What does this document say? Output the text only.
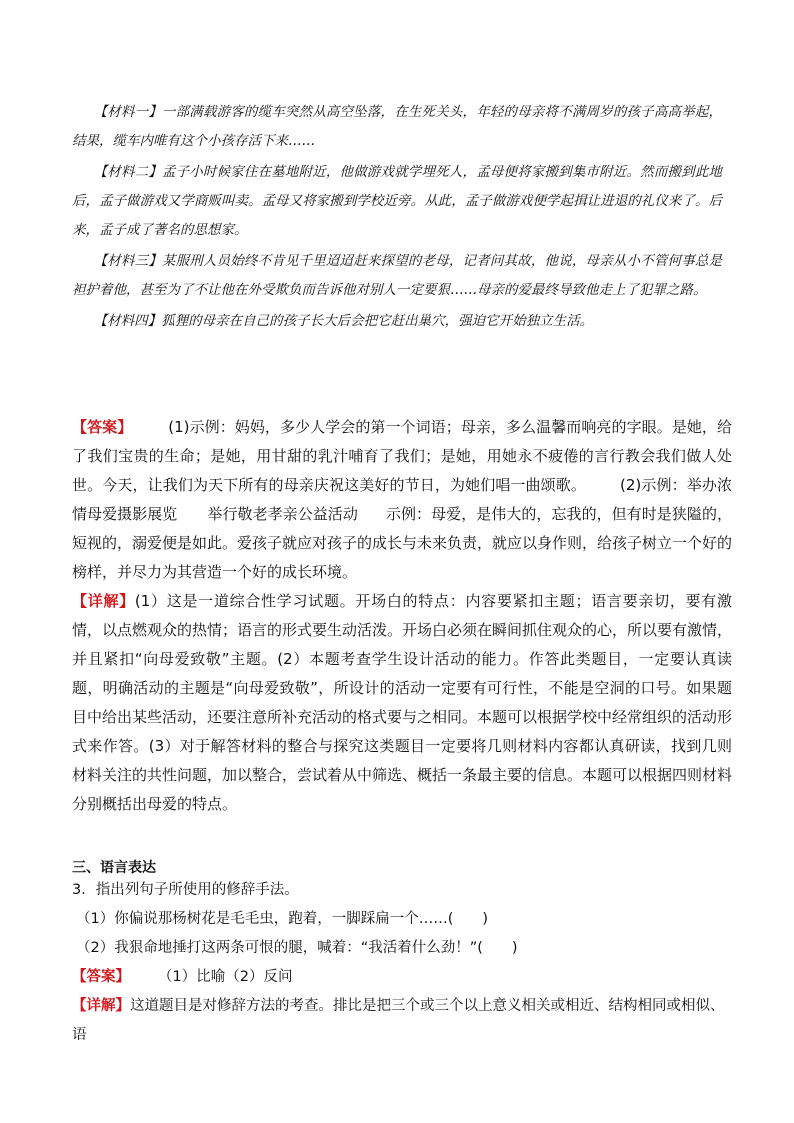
【材料一】一部满载游客的缆车突然从高空坠落，在生死关头，年轻的母亲将不满周岁的孩子高高举起，结果，缆车内唯有这个小孩存活下来……

【材料二】孟子小时候家住在墓地附近，他做游戏就学埋死人，孟母便将家搬到集市附近。然而搬到此地后，孟子做游戏又学商贩叫卖。孟母又将家搬到学校近旁。从此，孟子做游戏便学起揖让进退的礼仪来了。后来，孟子成了著名的思想家。

【材料三】某服刑人员始终不肯见千里迢迢赶来探望的老母，记者问其故，他说，母亲从小不管何事总是袒护着他，甚至为了不让他在外受欺负而告诉他对别人一定要狠……母亲的爱最终导致他走上了犯罪之路。

【材料四】狐狸的母亲在自己的孩子长大后会把它赶出巢穴，强迫它开始独立生活。

【答案】 (1)示例：妈妈，多少人学会的第一个词语；母亲，多么温馨而响亮的字眼。是她，给了我们宝贵的生命；是她，用甘甜的乳汁哺育了我们；是她，用她永不疲倦的言行教会我们做人处世。今天，让我们为天下所有的母亲庆祝这美好的节日，为她们唱一曲颂歌。 (2)示例：举办浓情母爱摄影展览　　举行敬老孝亲公益活动 示例：母爱，是伟大的，忘我的，但有时是狭隘的，短视的，溺爱便是如此。爱孩子就应对孩子的成长与未来负责，就应以身作则，给孩子树立一个好的榜样，并尽力为其营造一个好的成长环境。

【详解】(1）这是一道综合性学习试题。开场白的特点：内容要紧扣主题；语言要亲切，要有激情，以点燃观众的热情；语言的形式要生动活泼。开场白必须在瞬间抓住观众的心，所以要有激情，并且紧扣“向母爱致敬”主题。(2）本题考查学生设计活动的能力。作答此类题目，一定要认真读题，明确活动的主题是“向母爱致敬”，所设计的活动一定要有可行性，不能是空洞的口号。如果题目中给出某些活动，还要注意所补充活动的格式要与之相同。本题可以根据学校中经常组织的活动形式来作答。(3）对于解答材料的整合与探究这类题目一定要将几则材料内容都认真研读，找到几则材料关注的共性问题，加以整合，尝试着从中筛选、概括一条最主要的信息。本题可以根据四则材料分别概括出母爱的特点。

三、语言表达

3．指出列句子所使用的修辞手法。

（1）你偏说那杨树花是毛毛虫，跑着，一脚踩扁一个……(　　)

（2）我狠命地捶打这两条可恨的腿，喊着：“我活着什么劲！”(　　)

【答案】 （1）比喻（2）反问

【详解】这道题目是对修辞方法的考查。排比是把三个或三个以上意义相关或相近、结构相同或相似、语
